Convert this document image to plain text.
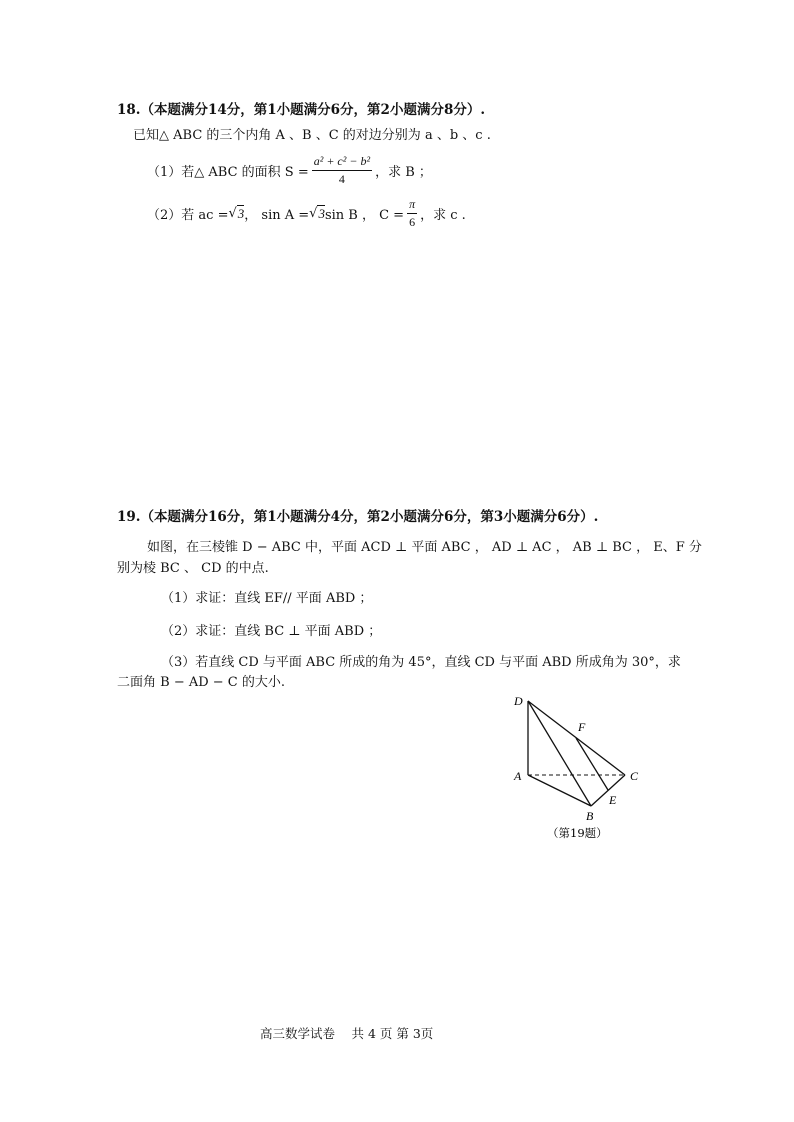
18.（本题满分14分，第1小题满分6分，第2小题满分8分）.
已知△ ABC 的三个内角 A 、B 、C 的对边分别为 a 、b 、c .
（1）若△ ABC 的面积 $S = \frac{\text{a² + c² − b²}}{4}$ ，求 B ；
（2）若 ac = √ 3 ， sin A = √ 3 sin B ， $C = \frac{\pi}{6}$ ，求 c .
19.（本题满分16分，第1小题满分4分，第2小题满分6分，第3小题满分6分）.
如图，在三棱锥 D − ABC 中，平面 ACD ⊥ 平面 ABC ， AD ⊥ AC ， AB ⊥ BC ， E、F 分
别为棱 BC 、 CD 的中点.
（1）求证：直线 EF// 平面 ABD ；
（2）求证：直线 BC ⊥ 平面 ABD ；
（3）若直线 CD 与平面 ABC 所成的角为 45°，直线 CD 与平面 ABD 所成角为 30°，求
二面角 B − AD − C 的大小.
D
F
A	C
E
B
（第19题）
高三数学试卷　 共 4 页 第 3页
